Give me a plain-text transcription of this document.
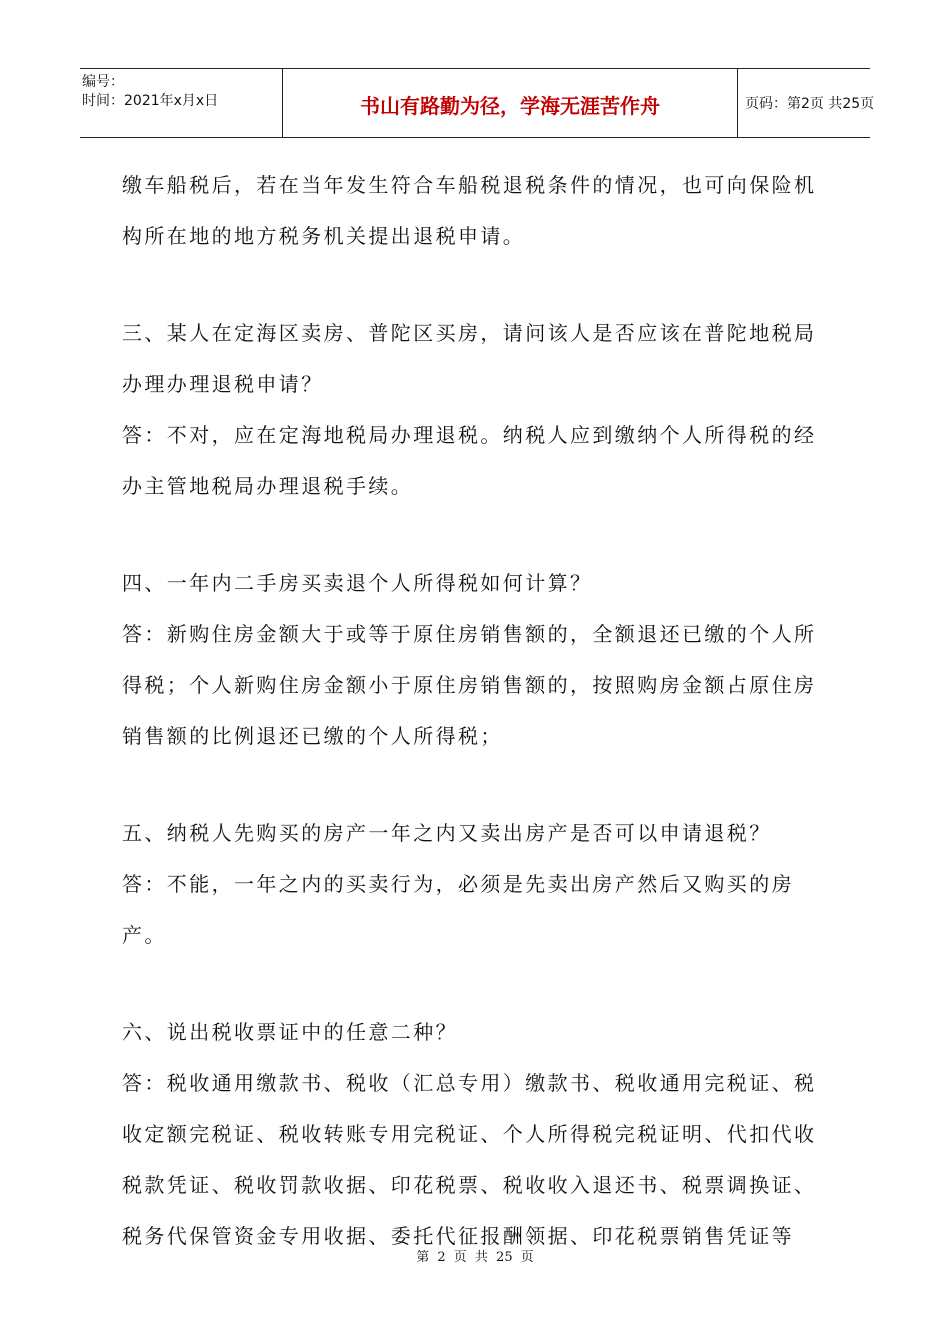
编号：
时间：2021年x月x日	书山有路勤为径，学海无涯苦作舟	页码：第2页 共25页

缴车船税后，若在当年发生符合车船税退税条件的情况，也可向保险机

构所在地的地方税务机关提出退税申请。

三、某人在定海区卖房、普陀区买房，请问该人是否应该在普陀地税局

办理办理退税申请？

答：不对，应在定海地税局办理退税。纳税人应到缴纳个人所得税的经

办主管地税局办理退税手续。

四、一年内二手房买卖退个人所得税如何计算？

答：新购住房金额大于或等于原住房销售额的，全额退还已缴的个人所

得税；个人新购住房金额小于原住房销售额的，按照购房金额占原住房

销售额的比例退还已缴的个人所得税；

五、纳税人先购买的房产一年之内又卖出房产是否可以申请退税？

答：不能，一年之内的买卖行为，必须是先卖出房产然后又购买的房产。

六、说出税收票证中的任意二种？

答：税收通用缴款书、税收（汇总专用）缴款书、税收通用完税证、税

收定额完税证、税收转账专用完税证、个人所得税完税证明、代扣代收

税款凭证、税收罚款收据、印花税票、税收收入退还书、税票调换证、

税务代保管资金专用收据、委托代征报酬领据、印花税票销售凭证等

第 2 页 共 25 页
